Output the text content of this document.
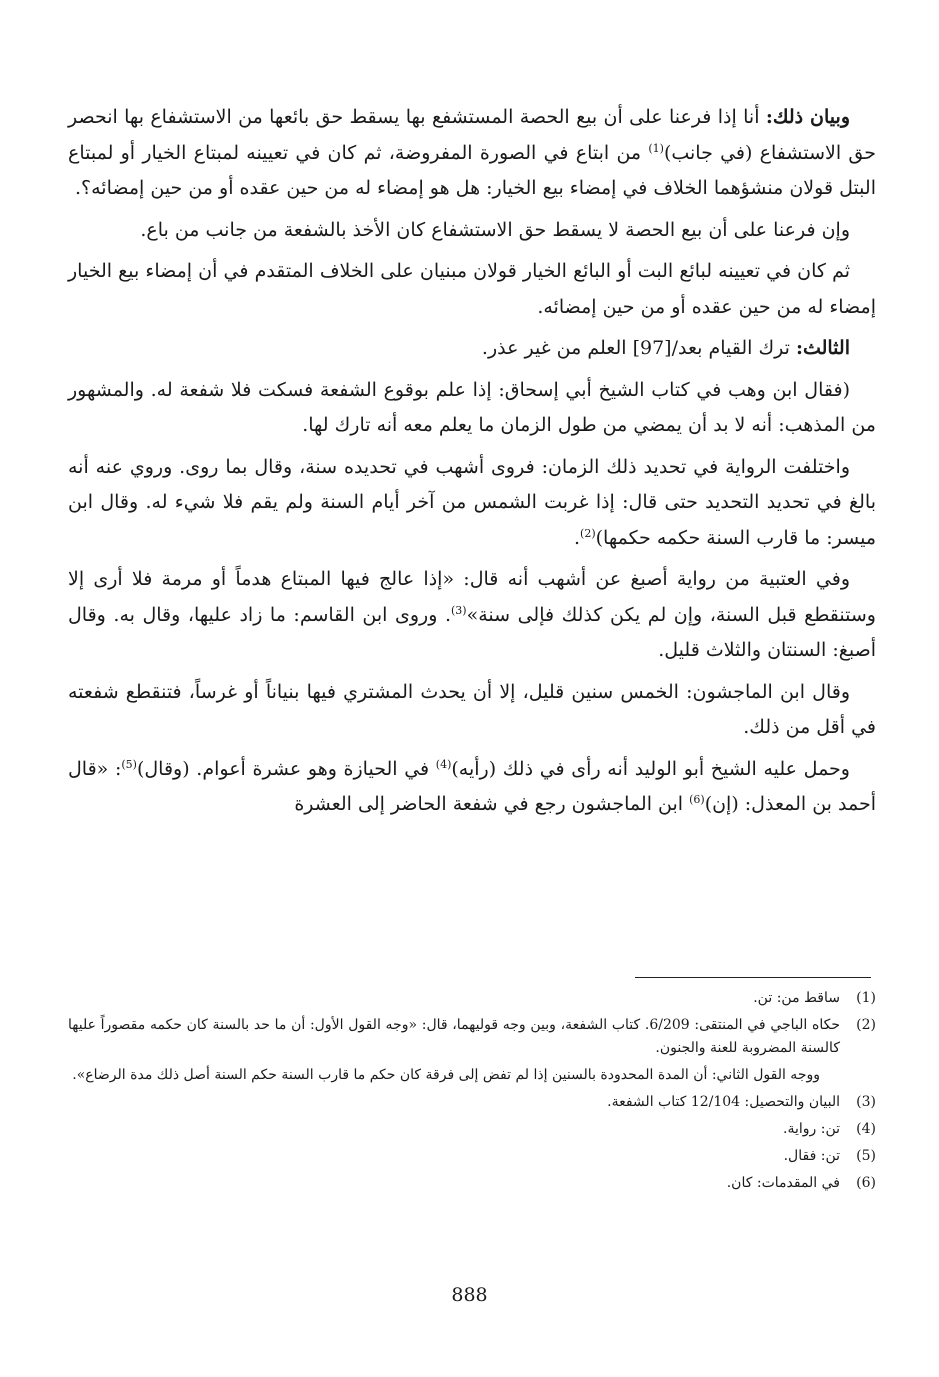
وبيان ذلك: أنا إذا فرعنا على أن بيع الحصة المستشفع بها يسقط حق بائعها من الاستشفاع بها انحصر حق الاستشفاع (في جانب)$^{(1)}$ من ابتاع في الصورة المفروضة، ثم كان في تعيينه لمبتاع الخيار أو لمبتاع البتل قولان منشؤهما الخلاف في إمضاء بيع الخيار: هل هو إمضاء له من حين عقده أو من حين إمضائه؟.

وإن فرعنا على أن بيع الحصة لا يسقط حق الاستشفاع كان الأخذ بالشفعة من جانب من باع.

ثم كان في تعيينه لبائع البت أو البائع الخيار قولان مبنيان على الخلاف المتقدم في أن إمضاء بيع الخيار إمضاء له من حين عقده أو من حين إمضائه.

الثالث: ترك القيام بعد/[97] العلم من غير عذر.

(فقال ابن وهب في كتاب الشيخ أبي إسحاق: إذا علم بوقوع الشفعة فسكت فلا شفعة له. والمشهور من المذهب: أنه لا بد أن يمضي من طول الزمان ما يعلم معه أنه تارك لها.

واختلفت الرواية في تحديد ذلك الزمان: فروى أشهب في تحديده سنة، وقال بما روى. وروي عنه أنه بالغ في تحديد التحديد حتى قال: إذا غربت الشمس من آخر أيام السنة ولم يقم فلا شيء له. وقال ابن ميسر: ما قارب السنة حكمه حكمها)$^{(2)}$.

وفي العتبية من رواية أصبغ عن أشهب أنه قال: «إذا عالج فيها المبتاع هدماً أو مرمة فلا أرى إلا وستنقطع قبل السنة، وإن لم يكن كذلك فإلى سنة»$^{(3)}$. وروى ابن القاسم: ما زاد عليها، وقال به. وقال أصبغ: السنتان والثلاث قليل.

وقال ابن الماجشون: الخمس سنين قليل، إلا أن يحدث المشتري فيها بنياناً أو غرساً، فتنقطع شفعته في أقل من ذلك.

وحمل عليه الشيخ أبو الوليد أنه رأى في ذلك (رأيه)$^{(4)}$ في الحيازة وهو عشرة أعوام. (وقال)$^{(5)}$: «قال أحمد بن المعذل: (إن)$^{(6)}$ ابن الماجشون رجع في شفعة الحاضر إلى العشرة

(1)
ساقط من: تن.
(2)
حكاه الباجي في المنتقى: 6/209. كتاب الشفعة، وبين وجه قوليهما، قال: «وجه القول الأول: أن ما حد بالسنة كان حكمه مقصوراً عليها كالسنة المضروبة للعنة والجنون.
ووجه القول الثاني: أن المدة المحدودة بالسنين إذا لم تفض إلى فرقة كان حكم ما قارب السنة حكم السنة أصل ذلك مدة الرضاع».
(3)
البيان والتحصيل: 12/104 كتاب الشفعة.
(4)
تن: رواية.
(5)
تن: فقال.
(6)
في المقدمات: كان.
888
